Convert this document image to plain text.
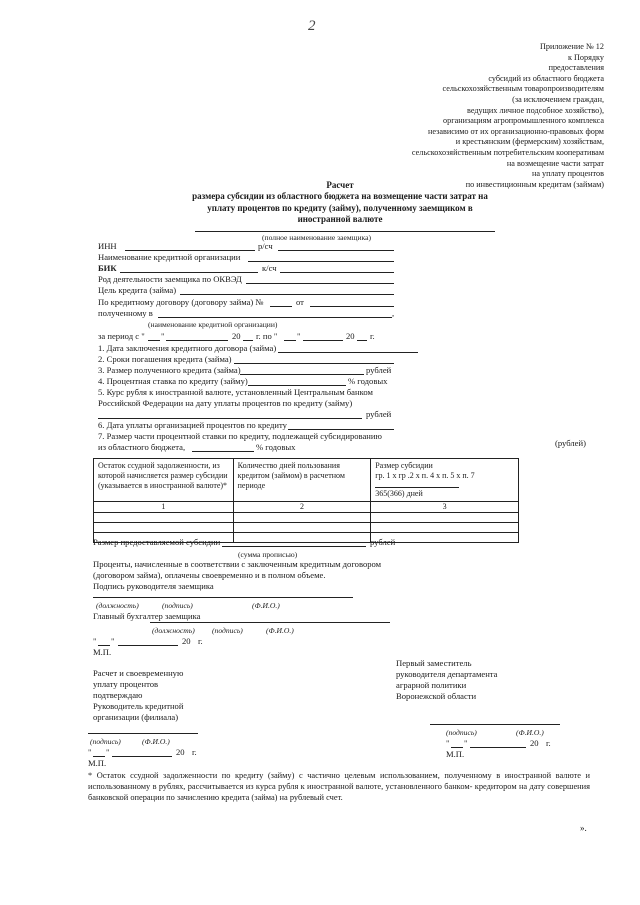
2
Приложение № 12
к Порядку
предоставления
субсидий из областного бюджета
сельскохозяйственным товаропроизводителям
(за исключением граждан,
ведущих личное подсобное хозяйство),
организациям агропромышленного комплекса
независимо от их организационно-правовых форм
и крестьянским (фермерским) хозяйствам,
сельскохозяйственным потребительским кооперативам
на возмещение части затрат
на уплату процентов
по инвестиционным кредитам (займам)
Расчет
размера субсидии из областного бюджета на возмещение части затрат на
уплату процентов по кредиту (займу), полученному заемщиком в
иностранной валюте
(полное наименование заемщика)
ИНН	р/сч
Наименование кредитной организации
БИК	к/сч
Род деятельности заемщика по ОКВЭД
Цель кредита (займа)
По кредитному договору (договору займа) №	от
полученному в	,
(наименование кредитной организации)
за период с " "	20 г. по " "	20 г.
1. Дата заключения кредитного договора (займа)
2. Сроки погашения кредита (займа)
3. Размер полученного кредита (займа)	рублей
4. Процентная ставка по кредиту (займу)	% годовых
5. Курс рубля к иностранной валюте, установленный Центральным банком
Российской Федерации на дату уплаты процентов по кредиту (займу)
рублей
6. Дата уплаты организацией процентов по кредиту
7. Размер части процентной ставки по кредиту, подлежащей субсидированию
из областного бюджета,	% годовых	(рублей)
Остаток ссудной задолженности, из которой начисляется размер субсидии (указывается в иностранной валюте)*	Количество дней пользования кредитом (займом) в расчетном периоде	Размер субсидии
гр. 1 х гр .2 х п. 4 х п. 5 х п. 7
365(366) дней

1	2	3

Размер предоставляемой субсидии	рублей
(сумма прописью)
Проценты, начисленные в соответствии с заключенным кредитным договором
(договором займа), оплачены своевременно и в полном объеме.
Подпись руководителя заемщика
(должность)	(подпись)	(Ф.И.О.)
Главный бухгалтер заемщика
(должность) (подпись)	(Ф.И.О.)
" "	20 г.
М.П.
Расчет и своевременную
уплату процентов
подтверждаю
Руководитель кредитной
организации (филиала)
Первый заместитель
руководителя департамента
аграрной политики
Воронежской области
(подпись)	(Ф.И.О.)
" "	20 г.
М.П.
(подпись)	(Ф.И.О.)
" "	20 г.
М.П.
* Остаток ссудной задолженности по кредиту (займу) с частично целевым использованием, полученному в иностранной валюте и использованному в рублях, рассчитывается из курса рубля к иностранной валюте, установленного банком- кредитором на дату совершения банковской операции по зачислению кредита (займа) на рублевый счет.
».
